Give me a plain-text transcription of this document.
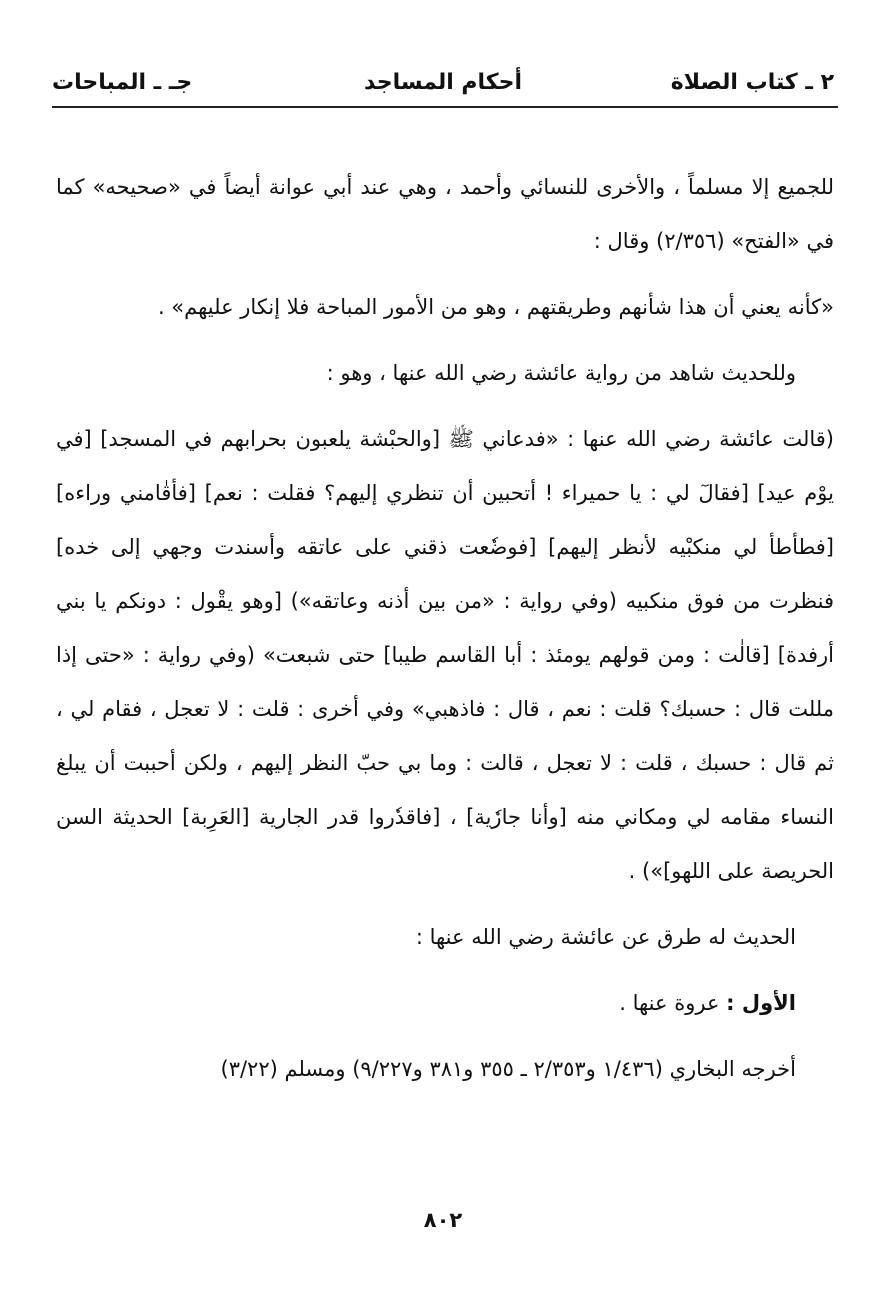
٢ ـ كتاب الصلاة
أحكام المساجد
جـ ـ المباحات

للجميع إلا مسلماً ، والأخرى للنسائي وأحمد ، وهي عند أبي عوانة أيضاً في «صحيحه» كما في «الفتح» (٢/٣٥٦) وقال :

«كأنه يعني أن هذا شأنهم وطريقتهم ، وهو من الأمور المباحة فلا إنكار عليهم» .

وللحديث شاهد من رواية عائشة رضي الله عنها ، وهو :

(قالت عائشة رضي الله عنها : «فدعاني ﷺ [والحبْشة يلعبون بحرابهم في المسجد] [في يوْم عيد] [فقالٓ لي : يا حميراء ! أتحبين أن تنظري إليهم؟ فقلت : نعم] [فأقٰامني وراءه] [فطأطأ لي منكبْيه لأنظر إليهم] [فوضٗعت ذقني على عاتقه وأسندت وجهي إلى خده] فنظرت من فوق منكبيه (وفي رواية : «من بين أذنه وعاتقه») [وهو يقْول : دونكم يا بني أرفدة] [قالٰت : ومن قولهم يومئذ : أبا القاسم طيبا] حتى شبعت» (وفي رواية : «حتى إذا مللت قال : حسبك؟ قلت : نعم ، قال : فاذهبي» وفي أخرى : قلت : لا تعجل ، فقام لي ، ثم قال : حسبك ، قلت : لا تعجل ، قالت : وما بي حبّ النظر إليهم ، ولكن أحببت أن يبلغ النساء مقامه لي ومكاني منه [وأنا جارٗية] ، [فاقدٗروا قدر الجارية [العَرِبة] الحديثة السن الحريصة على اللهو]») .

الحديث له طرق عن عائشة رضي الله عنها :

الأول : عروة عنها .

أخرجه البخاري (١/٤٣٦ و٢/٣٥٣ ـ ٣٥٥ و٣٨١ و٩/٢٢٧) ومسلم (٣/٢٢)

٨٠٢
